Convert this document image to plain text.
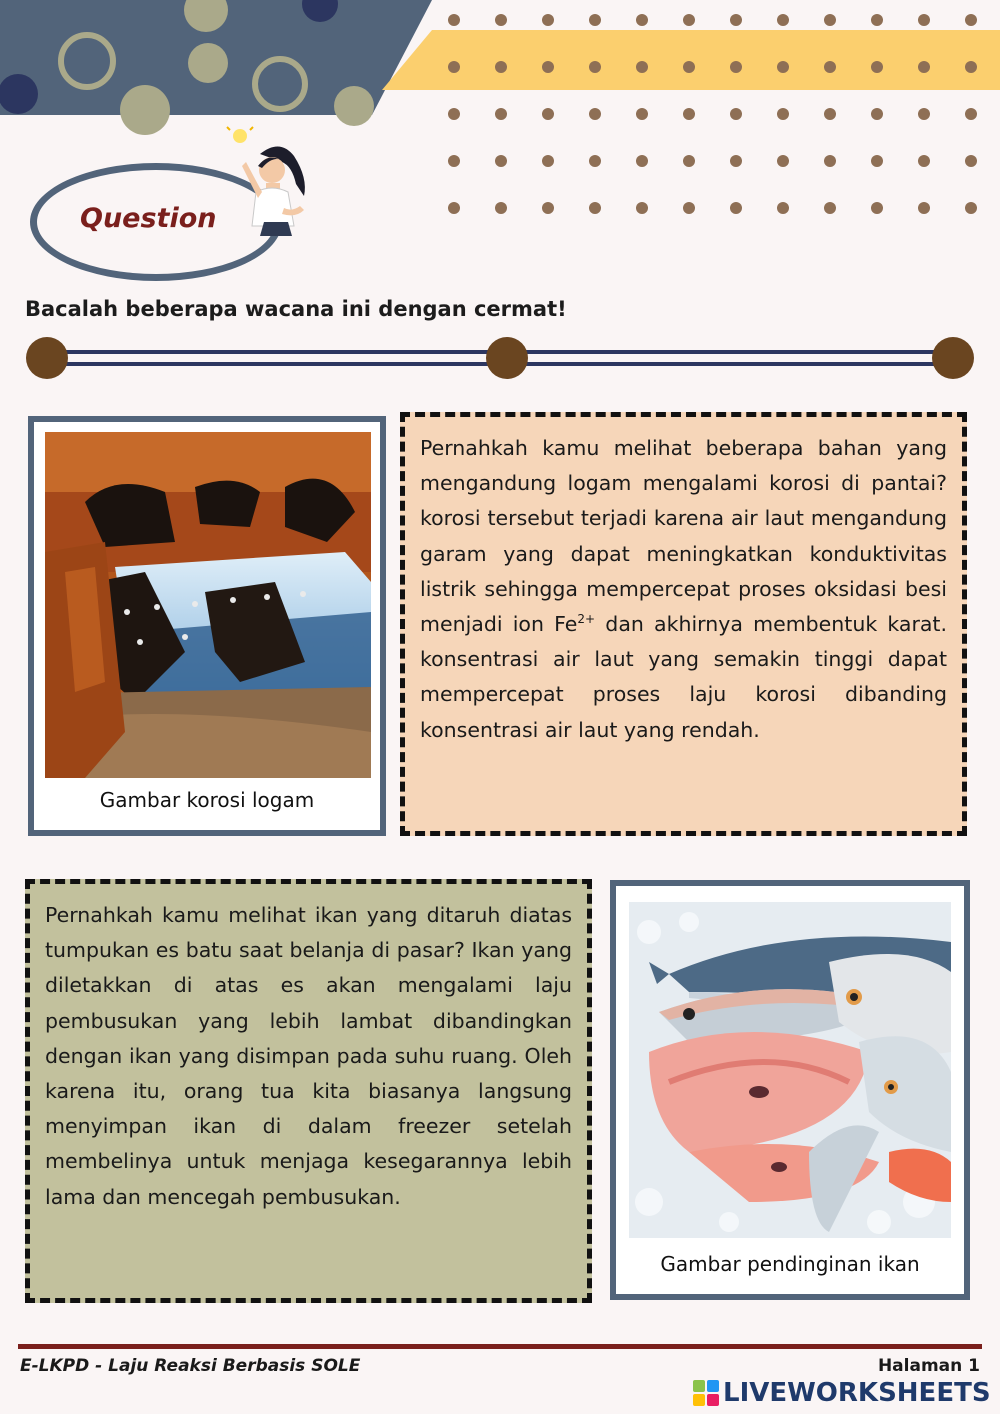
Question
Bacalah beberapa wacana ini dengan cermat!
Gambar korosi logam

Pernahkah kamu melihat beberapa bahan yang mengandung logam mengalami korosi di pantai? korosi tersebut terjadi karena air laut mengandung garam yang dapat meningkatkan konduktivitas listrik sehingga mempercepat proses oksidasi besi menjadi ion $Fe^{2+}$ dan akhirnya membentuk karat. konsentrasi air laut yang semakin tinggi dapat mempercepat proses laju korosi dibanding konsentrasi air laut yang rendah.

Pernahkah kamu melihat ikan yang ditaruh diatas tumpukan es batu saat belanja di pasar? Ikan yang diletakkan di atas es akan mengalami laju pembusukan yang lebih lambat dibandingkan dengan ikan yang disimpan pada suhu ruang. Oleh karena itu, orang tua kita biasanya langsung menyimpan ikan di dalam freezer setelah membelinya untuk menjaga kesegarannya lebih lama dan mencegah pembusukan.

Gambar pendinginan ikan
E-LKPD - Laju Reaksi Berbasis SOLE	Halaman 1
LIVEWORKSHEETS
